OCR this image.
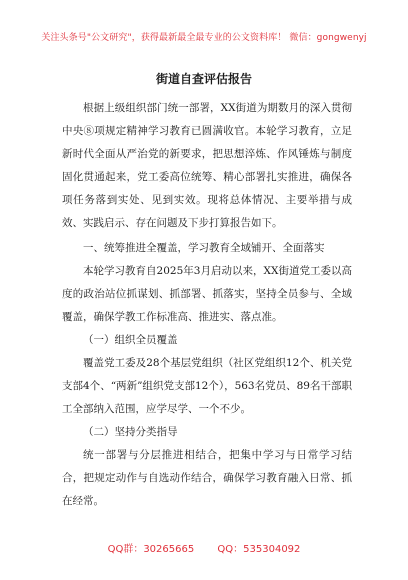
关注头条号"公文研究"，获得最新最全最专业的公文资料库！ 微信：gongwenyj
街道自查评估报告

根据上级组织部门统一部署，XX街道为期数月的深入贯彻中央⑧项规定精神学习教育已圆满收官。本轮学习教育，立足新时代全面从严治党的新要求，把思想淬炼、作风锤炼与制度固化贯通起来，党工委高位统筹、精心部署扎实推进，确保各项任务落到实处、见到实效。现将总体情况、主要举措与成效、实践启示、存在问题及下步打算报告如下。

一、统筹推进全覆盖，学习教育全域铺开、全面落实

本轮学习教育自2025年3月启动以来，XX街道党工委以高度的政治站位抓谋划、抓部署、抓落实，坚持全员参与、全域覆盖，确保学教工作标准高、推进实、落点准。

（一）组织全员覆盖

覆盖党工委及28个基层党组织（社区党组织12个、机关党支部4个、“两新”组织党支部12个），563名党员、89名干部职工全部纳入范围，应学尽学、一个不少。

（二）坚持分类指导

统一部署与分层推进相结合，把集中学习与日常学习结合，把规定动作与自选动作结合，确保学习教育融入日常、抓在经常。

QQ群：30265665 QQ：535304092
